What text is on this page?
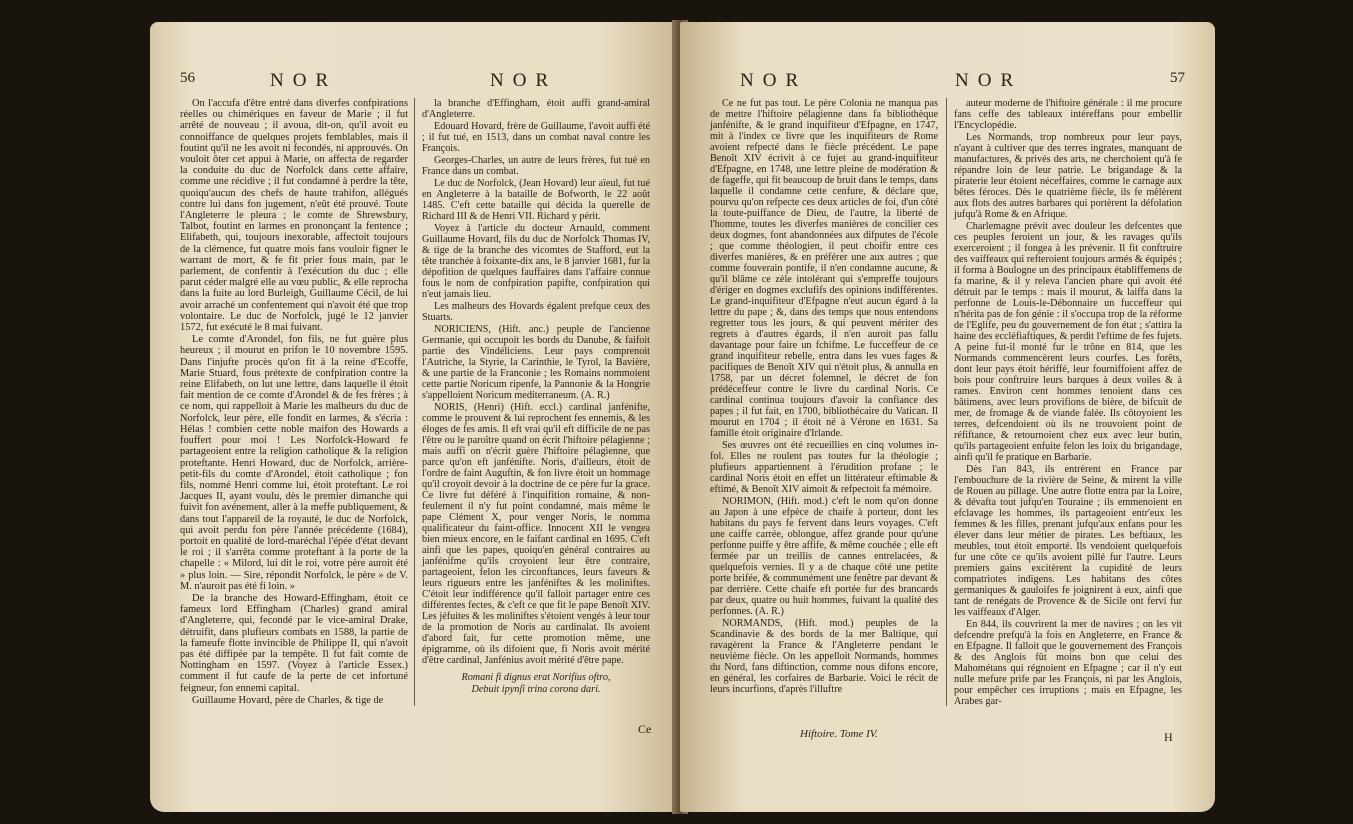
56	NOR	NOR

On l'accufa d'être entré dans diverfes confpirations réelles ou chimériques en faveur de Marie ; il fut arrêté de nouveau ; il avoua, dit-on, qu'il avoit eu connoiffance de quelques projets femblables, mais il foutint qu'il ne les avoit ni fecondés, ni approuvés. On vouloit ôter cet appui à Marie, on affecta de regarder la conduite du duc de Norfolck dans cette affaire, comme une récidive ; il fut condamné à perdre la tête, quoiqu'aucun des chefs de haute trahifon, allégués contre lui dans fon jugement, n'eût été prouvé. Toute l'Angleterre le pleura ; le comte de Shrewsbury, Talbot, foutint en larmes en prononçant la fentence ; Elifabeth, qui, toujours inexorable, affectoit toujours de la clémence, fut quatre mois fans vouloir figner le warrant de mort, & fe fit prier fous main, par le parlement, de confentir à l'exécution du duc ; elle parut céder malgré elle au vœu public, & elle reprocha dans la fuite au lord Burleigh, Guillaume Cécil, de lui avoir arraché un confentement qui n'avoit été que trop volontaire. Le duc de Norfolck, jugé le 12 janvier 1572, fut exécuté le 8 mai fuivant.

Le comte d'Arondel, fon fils, ne fut guère plus heureux ; il mourut en prifon le 10 novembre 1595. Dans l'injufte procès qu'on fit à la reine d'Ecoffe, Marie Stuard, fous prétexte de confpiration contre la reine Elifabeth, on lut une lettre, dans laquelle il étoit fait mention de ce comte d'Arondel & de fes frères ; à ce nom, qui rappelloit à Marie les malheurs du duc de Norfolck, leur père, elle fondit en larmes, & s'écria : Hélas ! combien cette noble maifon des Howards a fouffert pour moi ! Les Norfolck-Howard fe partageoient entre la religion catholique & la religion proteftante. Henri Howard, duc de Norfolck, arrière-petit-fils du comte d'Arondel, étoit catholique ; fon fils, nommé Henri comme lui, étoit proteftant. Le roi Jacques II, ayant voulu, dès le premier dimanche qui fuivit fon avénement, aller à la meffe publiquement, & dans tout l'appareil de la royauté, le duc de Norfolck, qui avoit perdu fon père l'année précédente (1684), portoit en qualité de lord-maréchal l'épée d'état devant le roi ; il s'arrêta comme proteftant à la porte de la chapelle : « Milord, lui dit le roi, votre père auroit été » plus loin. — Sire, répondit Norfolck, le père » de V. M. n'auroit pas été fi loin. »

De la branche des Howard-Effingham, étoit ce fameux lord Effingham (Charles) grand amiral d'Angleterre, qui, fecondé par le vice-amiral Drake, détruifit, dans plufieurs combats en 1588, la partie de la fameufe flotte invincible de Philippe II, qui n'avoit pas été diffipée par la tempête. Il fut fait comte de Nottingham en 1597. (Voyez à l'article Essex.) comment il fut caufe de la perte de cet infortuné feigneur, fon ennemi capital.

Guillaume Hovard, père de Charles, & tige de

la branche d'Effingham, étoit auffi grand-amiral d'Angleterre.

Edouard Hovard, frère de Guillaume, l'avoit auffi été ; il fut tué, en 1513, dans un combat naval contre les François.

Georges-Charles, un autre de leurs frères, fut tué en France dans un combat.

Le duc de Norfolck, (Jean Hovard) leur aïeul, fut tué en Angleterre à la bataille de Bofworth, le 22 août 1485. C'eft cette bataille qui décida la querelle de Richard III & de Henri VII. Richard y périt.

Voyez à l'article du docteur Arnauld, comment Guillaume Hovard, fils du duc de Norfolck Thomas IV, & tige de la branche des vicomtes de Stafford, eut la tête tranchée à foixante-dix ans, le 8 janvier 1681, fur la dépofition de quelques fauffaires dans l'affaire connue fous le nom de confpiration papifte, confpiration qui n'eut jamais lieu.

Les malheurs des Hovards égalent prefque ceux des Stuarts.

NORICIENS, (Hift. anc.) peuple de l'ancienne Germanie, qui occupoit les bords du Danube, & faifoit partie des Vindéliciens. Leur pays comprenoit l'Autriche, la Styrie, la Carinthie, le Tyrol, la Bavière, & une partie de la Franconie ; les Romains nommoient cette partie Noricum ripenfe, la Pannonie & la Hongrie s'appelloient Noricum mediterraneum. (A. R.)

NORIS, (Henri) (Hift. eccl.) cardinal janfénifte, comme le prouvent & lui reprochent fes ennemis, & les éloges de fes amis. Il eft vrai qu'il eft difficile de ne pas l'être ou le paroître quand on écrit l'hiftoire pélagienne ; mais auffi on n'écrit guère l'hiftoire pélagienne, que parce qu'on eft janfénifte. Noris, d'ailleurs, étoit de l'ordre de faint Auguftin, & fon livre étoit un hommage qu'il croyoit devoir à la doctrine de ce père fur la grace. Ce livre fut déféré à l'inquifition romaine, & non-feulement il n'y fut point condamné, mais même le pape Clément X, pour venger Noris, le nomma qualificateur du faint-office. Innocent XII le vengea bien mieux encore, en le faifant cardinal en 1695. C'eft ainfi que les papes, quoiqu'en général contraires au janfénifme qu'ils croyoient leur être contraire, partageoient, felon les circonftances, leurs faveurs & leurs rigueurs entre les janféniftes & les moliniftes. C'étoit leur indifférence qu'il falloit partager entre ces différentes fectes, & c'eft ce que fit le pape Benoît XIV. Les jéfuites & les moliniftes s'étoient vengés à leur tour de la promotion de Noris au cardinalat. Ils avoient d'abord fait, fur cette promotion même, une épigramme, où ils difoient que, fi Noris avoit mérité d'être cardinal, Janfénius avoit mérité d'être pape.

Romani fi dignus erat Norifius oftro,

Debuit ipynſi trina corona dari.

Ce
NOR	NOR	57

Ce ne fut pas tout. Le père Colonia ne manqua pas de mettre l'hiftoire pélagienne dans fa bibliothèque janfénifte, & le grand inquifiteur d'Efpagne, en 1747, mit à l'index ce livre que les inquifiteurs de Rome avoient refpecté dans le fiècle précédent. Le pape Benoît XIV écrivit à ce fujet au grand-inquifiteur d'Efpagne, en 1748, une lettre pleine de modération & de fageffe, qui fit beaucoup de bruit dans le temps, dans laquelle il condamne cette cenfure, & déclare que, pourvu qu'on refpecte ces deux articles de foi, d'un côté la toute-puiffance de Dieu, de l'autre, la liberté de l'homme, toutes les diverfes manières de concilier ces deux dogmes, font abandonnées aux difputes de l'école ; que comme théologien, il peut choifir entre ces diverfes manières, & en préférer une aux autres ; que comme fouverain pontife, il n'en condamne aucune, & qu'il blâme ce zèle intolérant qui s'empreffe toujours d'ériger en dogmes exclufifs des opinions indifférentes. Le grand-inquifiteur d'Efpagne n'eut aucun égard à la lettre du pape ; &, dans des temps que nous entendons regretter tous les jours, & qui peuvent mériter des regrets à d'autres égards, il n'en auroit pas fallu davantage pour faire un fchifme. Le fucceffeur de ce grand inquifiteur rebelle, entra dans les vues fages & pacifiques de Benoît XIV qui n'étoit plus, & annulla en 1758, par un décret folemnel, le décret de fon prédéceffeur contre le livre du cardinal Noris. Ce cardinal continua toujours d'avoir la confiance des papes ; il fut fait, en 1700, bibliothécaire du Vatican. Il mourut en 1704 ; il étoit né à Vérone en 1631. Sa famille étoit originaire d'Irlande.

Ses œuvres ont été recueillies en cinq volumes in-fol. Elles ne roulent pas toutes fur la théologie ; plufieurs appartiennent à l'érudition profane ; le cardinal Noris étoit en effet un littérateur eftimable & eftimé, & Benoît XIV aimoit & refpectoit fa mémoire.

NORIMON, (Hift. mod.) c'eft le nom qu'on donne au Japon à une efpèce de chaife à porteur, dont les habitans du pays fe fervent dans leurs voyages. C'eft une caiffe carrée, oblongue, affez grande pour qu'une perfonne puiffe y être affife, & même couchée ; elle eft fermée par un treillis de cannes entrelacées, & quelquefois vernies. Il y a de chaque côté une petite porte brifée, & communément une fenêtre par devant & par derrière. Cette chaife eft portée fur des brancards par deux, quatre ou huit hommes, fuivant la qualité des perfonnes. (A. R.)

NORMANDS, (Hift. mod.) peuples de la Scandinavie & des bords de la mer Baltique, qui ravagèrent la France & l'Angleterre pendant le neuvième fiècle. On les appelloit Normands, hommes du Nord, fans diftinction, comme nous difons encore, en général, les corfaires de Barbarie. Voici le récit de leurs incurfions, d'après l'illuftre

auteur moderne de l'hiftoire générale : il me procure fans ceffe des tableaux intéreffans pour embellir l'Encyclopédie.

Les Normands, trop nombreux pour leur pays, n'ayant à cultiver que des terres ingrates, manquant de manufactures, & privés des arts, ne cherchoient qu'à fe répandre loin de leur patrie. Le brigandage & la piraterie leur étoient néceffaires, comme le carnage aux bêtes féroces. Dès le quatrième fiècle, ils fe mêlèrent aux flots des autres barbares qui portèrent la défolation jufqu'à Rome & en Afrique.

Charlemagne prévit avec douleur les defcentes que ces peuples feroient un jour, & les ravages qu'ils exerceroient ; il fongea à les prévenir. Il fit conftruire des vaiffeaux qui refteroient toujours armés & équipés ; il forma à Boulogne un des principaux établiffemens de fa marine, & il y releva l'ancien phare qui avoit été détruit par le temps : mais il mourut, & laiffa dans la perfonne de Louis-le-Débonnaire un fucceffeur qui n'hérita pas de fon génie : il s'occupa trop de la réforme de l'Eglife, peu du gouvernement de fon état ; s'attira la haine des eccléfiaftiques, & perdit l'eftime de fes fujets. A peine fut-il monté fur le trône en 814, que les Normands commencèrent leurs courfes. Les forêts, dont leur pays étoit hériffé, leur fourniffoient affez de bois pour conftruire leurs barques à deux voiles & à rames. Environ cent hommes tenoient dans ces bâtimens, avec leurs provifions de bière, de bifcuit de mer, de fromage & de viande falée. Ils côtoyoient les terres, defcendoient où ils ne trouvoient point de réfiftance, & retournoient chez eux avec leur butin, qu'ils partageoient enfuite felon les loix du brigandage, ainfi qu'il fe pratique en Barbarie.

Dès l'an 843, ils entrèrent en France par l'embouchure de la rivière de Seine, & mirent la ville de Rouen au pillage. Une autre flotte entra par la Loire, & dévafta tout jufqu'en Touraine ; ils emmenoient en efclavage les hommes, ils partageoient entr'eux les femmes & les filles, prenant jufqu'aux enfans pour les élever dans leur métier de pirates. Les beftiaux, les meubles, tout étoit emporté. Ils vendoient quelquefois fur une côte ce qu'ils avoient pillé fur l'autre. Leurs premiers gains excitèrent la cupidité de leurs compatriotes indigens. Les habitans des côtes germaniques & gauloifes fe joignirent à eux, ainfi que tant de renégats de Provence & de Sicile ont fervi fur les vaiffeaux d'Alger.

En 844, ils couvrirent la mer de navires ; on les vit defcendre prefqu'à la fois en Angleterre, en France & en Efpagne. Il falloit que le gouvernement des François & des Anglois fût moins bon que celui des Mahométans qui régnoient en Efpagne ; car il n'y eut nulle mefure prife par les François, ni par les Anglois, pour empêcher ces irruptions ; mais en Efpagne, les Arabes gar-

Hiftoire. Tome IV.	H
